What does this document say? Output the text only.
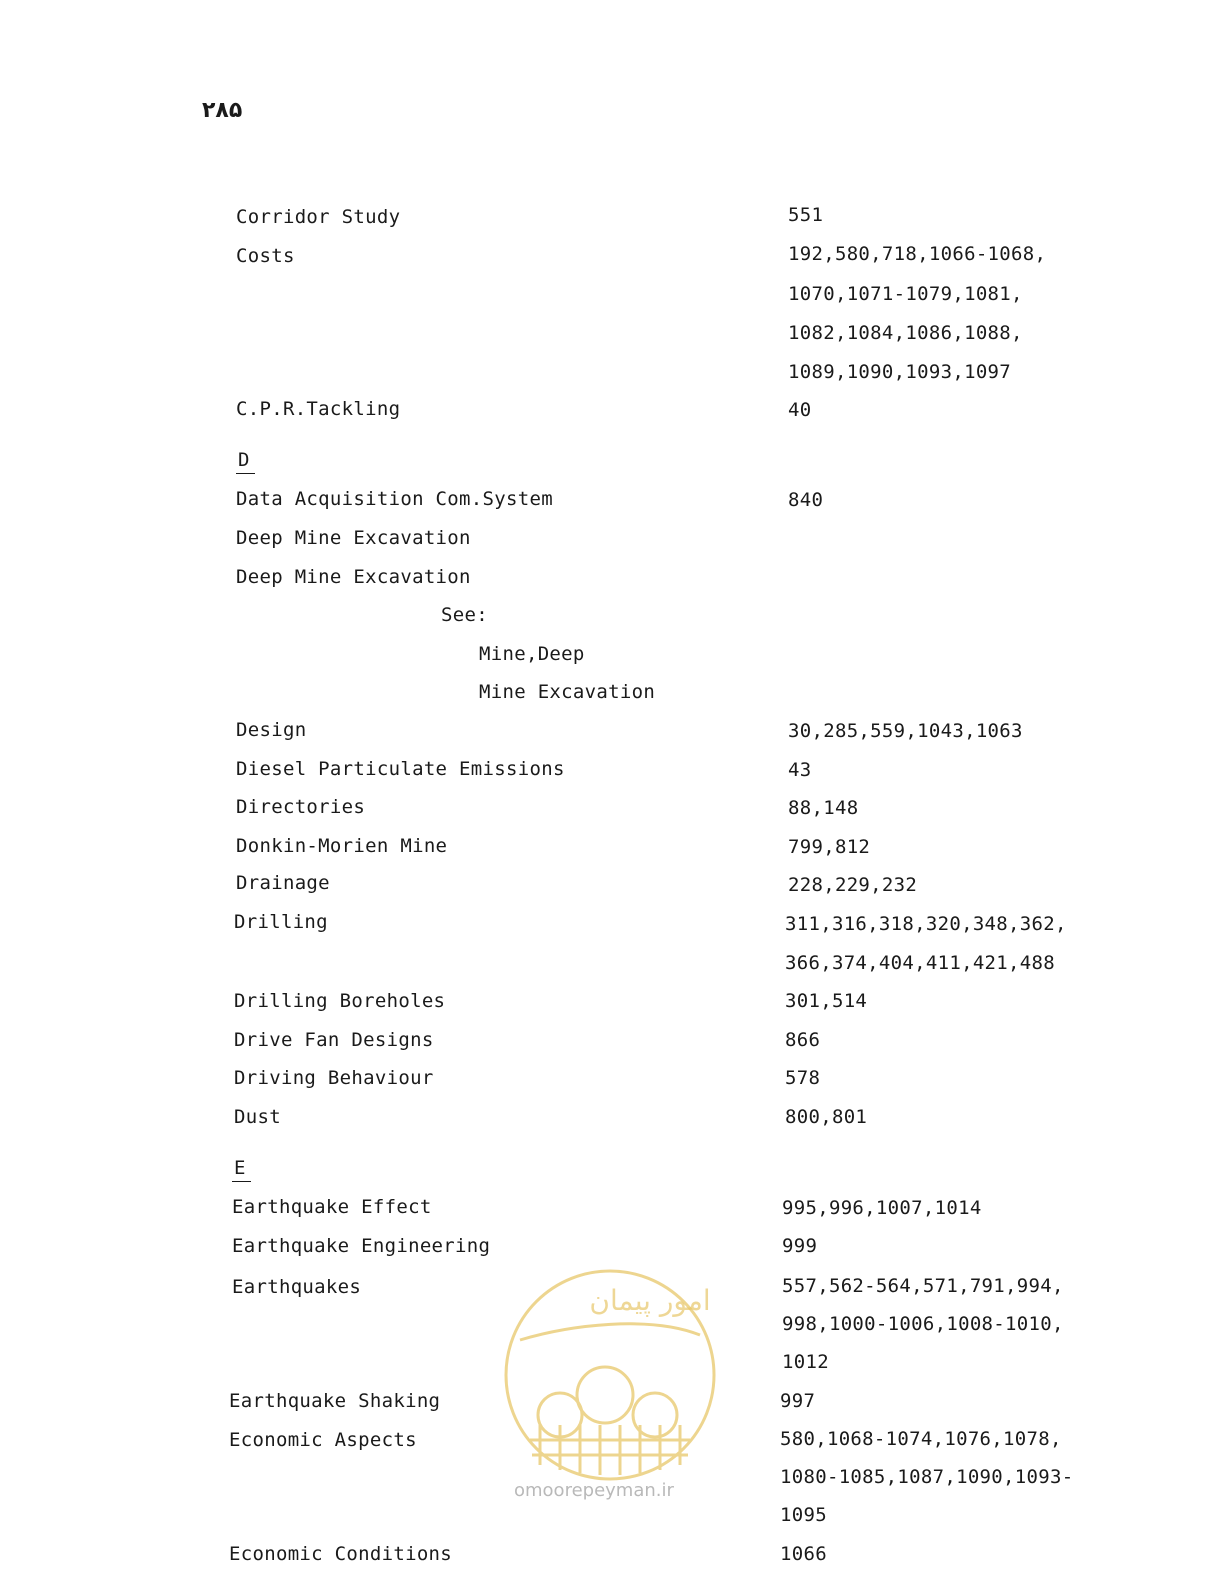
۲۸۵
Corridor Study	551
Costs	192,580,718,1066-1068,
1070,1071-1079,1081,
1082,1084,1086,1088,
1089,1090,1093,1097
C.P.R.Tackling	40
D
Data Acquisition Com.System	840
Deep Mine Excavation
Deep Mine Excavation
See:
Mine,Deep
Mine Excavation
Design	30,285,559,1043,1063
Diesel Particulate Emissions	43
Directories	88,148
Donkin-Morien Mine	799,812
Drainage	228,229,232
Drilling	311,316,318,320,348,362,
366,374,404,411,421,488
Drilling Boreholes	301,514
Drive Fan Designs	866
Driving Behaviour	578
Dust	800,801
E
Earthquake Effect	995,996,1007,1014
Earthquake Engineering	999
Earthquakes	557,562-564,571,791,994,
998,1000-1006,1008-1010,
1012
Earthquake Shaking	997
Economic Aspects	580,1068-1074,1076,1078,
1080-1085,1087,1090,1093-
1095
Economic Conditions	1066
امور پیمان
omoorepeyman.ir
